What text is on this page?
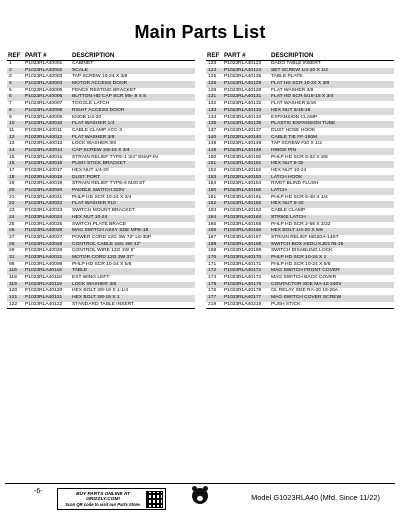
Main Parts List
REF PART #	DESCRIPTION
1	P1023RLA40001	CABINET
2	P1023RLA40002	SCALE
3	P1023RLA40003	TAP SCREW 10-24 X 3/8
4	P1023RLA40004	MOTOR ACCESS DOOR
5	P1023RLA40005	FENCE RESTING BRACKET
6	P1023RLA40006	BUTTON HD CAP SCR M5-.8 X 8
7	P1023RLA40007	TOGGLE LATCH
8	P1023RLA40008	RIGHT ACCESS DOOR
9	P1023RLA40009	KNOB 1/4-20
10	P1023RLA40010	FLAT WASHER 1/4
11	P1023RLA40011	CABLE CLAMP ACC-3
12	P1023RLA40012	FLAT WASHER 3/8
13	P1023RLA40013	LOCK WASHER 3/8
14	P1023RLA40014	CAP SCREW 3/8-16 X 3/4
15	P1023RLA40015	STRAIN RELIEF TYPE-1 3/4" SNAP-IN
16	P1023RLA40016	PUSH STICK BRACKET
17	P1023RLA40017	HEX NUT 1/4-20
18	P1023RLA40018	DUST PORT
19	P1023RLA40019	STRAIN RELIEF TYPE-6 M20 ST
20	P1023RLA40020	PADDLE SWITCH 220V
21	P1023RLA40021	PHLP HD SCR 10-24 X 3/4
22	P1023RLA40022	FLAT WASHER #10
23	P1023RLA40023	SWITCH MOUNT BRACKET
24	P1023RLA40024	HEX NUT 10-24
25	P1023RLA40025	SWITCH PLATE BRACE
26	P1023RLA40026	MAG SWITCH ASSY SDE MPE-18
27	P1023RLA40027	POWER CORD 12G 3W 72" L6-30P
28	P1023RLA40028	CONTROL CABLE 16G 4W 42"
29	P1023RLA40029	CONTROL WIRE 12G 1W 6"
31	P1023RLA40031	MOTOR CORD 12G 3W 37"
98	P1023RLA40098	PHLP HD SCR 10-24 X 5/8
116	P1023RLA40116	TABLE
118	P1023RLA40118	EXT WING LEFT
119	P1023RLA40119	LOCK WASHER 3/8
120	P1023RLA40120	HEX BOLT 3/8-16 X 1-1/4
121	P1023RLA40121	HEX BOLT 3/8-16 X 1
122	P1023RLA40122	STANDARD TABLE INSERT
REF PART #	DESCRIPTION
123	P1023RLA40123	DADO TABLE INSERT
124	P1023RLA40124	SET SCREW 1/4-20 X 1/2
125	P1023RLA40125	TABLE PLATE
126	P1023RLA40126	FLAT HD SCR 10-24 X 3/8
128	P1023RLA40128	FLAT WASHER 3/8
131	P1023RLA40131	FLAT HD SCR 5/16-18 X 3/4
132	P1023RLA40132	FLAT WASHER 5/16
133	P1023RLA40133	HEX NUT 5/16-18
134	P1023RLA40134	EXPANSION CLAMP
135	P1023RLA40135	PLASTIC EXPANSION TUBE
137	P1023RLA40137	DUST HOSE HOOK
140	P1023RLA40140	CABLE TIE FF-150M
148	P1023RLA40148	TAP SCREW #10 X 1/2
149	P1023RLA40149	HINGE PIN
150	P1023RLA40150	PHLP HD SCR 8-32 X 3/8
151	P1023RLA40151	HEX NUT 8-32
152	P1023RLA40152	HEX NUT 10-24
153	P1023RLA40153	LATCH HOOK
154	P1023RLA40154	RIVET BLIND FLUSH
160	P1023RLA40160	LATCH
161	P1023RLA40161	PHLP HD SCR 5-40 X 1/4
162	P1023RLA40162	HEX NUT 5-40
163	P1023RLA40163	CABLE CLAMP
164	P1023RLA40164	STRIKE LATCH
165	P1023RLA40165	PHLP HD SCR 2-56 X 3/32
166	P1023RLA40166	HEX BOLT 1/4-20 X 5/8
167	P1023RLA40167	STRAIN RELIEF MG20A-14ST
168	P1023RLA40168	SWITCH BOX KEDU KJD17B-16
169	P1023RLA40169	SWITCH DISABLING LOCK
170	P1023RLA40170	PHLP HD SCR 10-24 X 1
171	P1023RLA40171	PHLP HD SCR 10-24 X 5/8
172	P1023RLA40172	MAG SWITCH FRONT COVER
174	P1023RLA40174	MAG SWITCH BACK COVER
175	P1023RLA40175	CONTACTOR SDE MA-18 240V
176	P1023RLA40176	OL RELAY SDE RA-30 18-26A
177	P1023RLA40177	MAG SWITCH COVER SCREW
219	P1023RLA40219	PUSH STICK
-6-	BUY PARTS ONLINE AT GRIZZLY.COM!
Scan QR code to visit our Parts Store.
Model G1023RLA40 (Mfd. Since 11/22)
